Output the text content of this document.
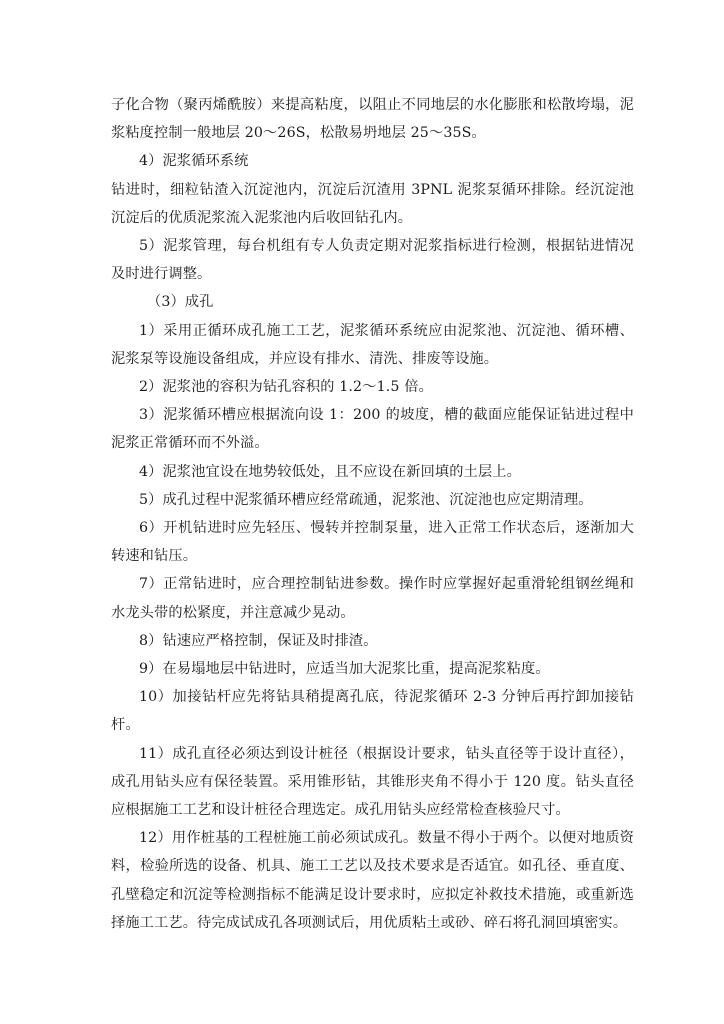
子化合物（聚丙烯酰胺）来提高粘度，以阻止不同地层的水化膨胀和松散垮塌，泥浆粘度控制一般地层 20～26S，松散易坍地层 25～35S。

4）泥浆循环系统

钻进时，细粒钻渣入沉淀池内，沉淀后沉渣用 3PNL 泥浆泵循环排除。经沉淀池沉淀后的优质泥浆流入泥浆池内后收回钻孔内。

5）泥浆管理，每台机组有专人负责定期对泥浆指标进行检测，根据钻进情况及时进行调整。

（3）成孔

1）采用正循环成孔施工工艺，泥浆循环系统应由泥浆池、沉淀池、循环槽、泥浆泵等设施设备组成，并应设有排水、清洗、排废等设施。

2）泥浆池的容积为钻孔容积的 1.2～1.5 倍。

3）泥浆循环槽应根据流向设 1：200 的坡度，槽的截面应能保证钻进过程中泥浆正常循环而不外溢。

4）泥浆池宜设在地势较低处，且不应设在新回填的土层上。

5）成孔过程中泥浆循环槽应经常疏通，泥浆池、沉淀池也应定期清理。

6）开机钻进时应先轻压、慢转并控制泵量，进入正常工作状态后，逐渐加大转速和钻压。

7）正常钻进时，应合理控制钻进参数。操作时应掌握好起重滑轮组钢丝绳和水龙头带的松紧度，并注意减少晃动。

8）钻速应严格控制，保证及时排渣。

9）在易塌地层中钻进时，应适当加大泥浆比重，提高泥浆粘度。

10）加接钻杆应先将钻具稍提离孔底，待泥浆循环 2-3 分钟后再拧卸加接钻杆。

11）成孔直径必须达到设计桩径（根据设计要求，钻头直径等于设计直径），成孔用钻头应有保径装置。采用锥形钻，其锥形夹角不得小于 120 度。钻头直径应根据施工工艺和设计桩径合理选定。成孔用钻头应经常检查核验尺寸。

12）用作桩基的工程桩施工前必须试成孔。数量不得小于两个。以便对地质资料，检验所选的设备、机具、施工工艺以及技术要求是否适宜。如孔径、垂直度、孔壁稳定和沉淀等检测指标不能满足设计要求时，应拟定补救技术措施，或重新选择施工工艺。待完成试成孔各项测试后，用优质粘土或砂、碎石将孔洞回填密实。
